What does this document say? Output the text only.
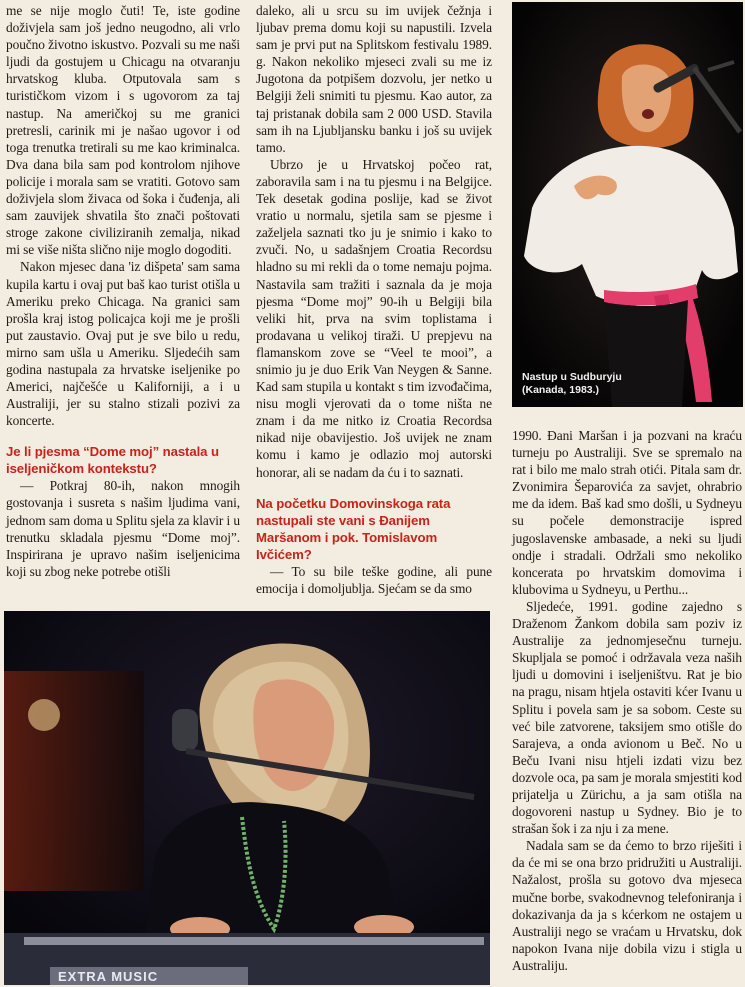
me se nije moglo čuti! Te, iste godine doživjela sam još jedno neugodno, ali vrlo poučno životno iskustvo. Pozvali su me naši ljudi da gostujem u Chicagu na otvaranju hrvatskog kluba. Otputovala sam s turističkom vizom i s ugovorom za taj nastup. Na američkoj su me granici pretresli, carinik mi je našao ugovor i od toga trenutka tretirali su me kao kriminalca. Dva dana bila sam pod kontrolom njihove policije i morala sam se vratiti. Gotovo sam doživjela slom živaca od šoka i čuđenja, ali sam zauvijek shvatila što znači poštovati stroge zakone civiliziranih zemalja, nikad mi se više ništa slično nije moglo dogoditi.

Nakon mjesec dana 'iz dišpeta' sam sama kupila kartu i ovaj put baš kao turist otišla u Ameriku preko Chicaga. Na granici sam prošla kraj istog policajca koji me je prošli put zaustavio. Ovaj put je sve bilo u redu, mirno sam ušla u Ameriku. Sljedećih sam godina nastupala za hrvatske iseljenike po Americi, najčešće u Kaliforniji, a i u Australiji, jer su stalno stizali pozivi za koncerte.

Je li pjesma “Dome moj” nastala u iseljeničkom kontekstu?

— Potkraj 80-ih, nakon mnogih gostovanja i susreta s našim ljudima vani, jednom sam doma u Splitu sjela za klavir i u trenutku skladala pjesmu “Dome moj”. Inspirirana je upravo našim iseljenicima koji su zbog neke potrebe otišli

daleko, ali u srcu su im uvijek čežnja i ljubav prema domu koji su napustili. Izvela sam je prvi put na Splitskom festivalu 1989. g. Nakon nekoliko mjeseci zvali su me iz Jugotona da potpišem dozvolu, jer netko u Belgiji želi snimiti tu pjesmu. Kao autor, za taj pristanak dobila sam 2 000 USD. Stavila sam ih na Ljubljansku banku i još su uvijek tamo.

Ubrzo je u Hrvatskoj počeo rat, zaboravila sam i na tu pjesmu i na Belgijce. Tek desetak godina poslije, kad se život vratio u normalu, sjetila sam se pjesme i zaželjela saznati tko ju je snimio i kako to zvuči. No, u sadašnjem Croatia Recordsu hladno su mi rekli da o tome nemaju pojma. Nastavila sam tražiti i saznala da je moja pjesma “Dome moj” 90-ih u Belgiji bila veliki hit, prva na svim toplistama i prodavana u velikoj tiraži. U prepjevu na flamanskom zove se “Veel te mooi”, a snimio ju je duo Erik Van Neygen & Sanne. Kad sam stupila u kontakt s tim izvođačima, nisu mogli vjerovati da o tome ništa ne znam i da me nitko iz Croatia Recordsa nikad nije obavijestio. Još uvijek ne znam komu i kamo je odlazio moj autorski honorar, ali se nadam da ću i to saznati.

Na početku Domovinskoga rata nastupali ste vani s Đanijem Maršanom i pok. Tomislavom Ivčićem?

— To su bile teške godine, ali pune emocija i domoljublja. Sjećam se da smo

Nastup u Sudburyju
(Kanada, 1983.)

1990. Đani Maršan i ja pozvani na kraću turneju po Australiji. Sve se spremalo na rat i bilo me malo strah otići. Pitala sam dr. Zvonimira Šeparovića za savjet, ohrabrio me da idem. Baš kad smo došli, u Sydneyu su počele demonstracije ispred jugoslavenske ambasade, a neki su ljudi ondje i stradali. Održali smo nekoliko koncerata po hrvatskim domovima i klubovima u Sydneyu, u Perthu...

Sljedeće, 1991. godine zajedno s Draženom Žankom dobila sam poziv iz Australije za jednomjesečnu turneju. Skupljala se pomoć i održavala veza naših ljudi u domovini i iseljeništvu. Rat je bio na pragu, nisam htjela ostaviti kćer Ivanu u Splitu i povela sam je sa sobom. Ceste su već bile zatvorene, taksijem smo otišle do Sarajeva, a onda avionom u Beč. No u Beču Ivani nisu htjeli izdati vizu bez dozvole oca, pa sam je morala smjestiti kod prijatelja u Zürichu, a ja sam otišla na dogovoreni nastup u Sydney. Bio je to strašan šok i za nju i za mene.

Nadala sam se da ćemo to brzo riješiti i da će mi se ona brzo pridružiti u Australiji. Nažalost, prošla su gotovo dva mjeseca mučne borbe, svakodnevnog telefoniranja i dokazivanja da ja s kćerkom ne ostajem u Australiji nego se vraćam u Hrvatsku, dok napokon Ivana nije dobila vizu i stigla u Australiju.

EXTRA MUSIC
